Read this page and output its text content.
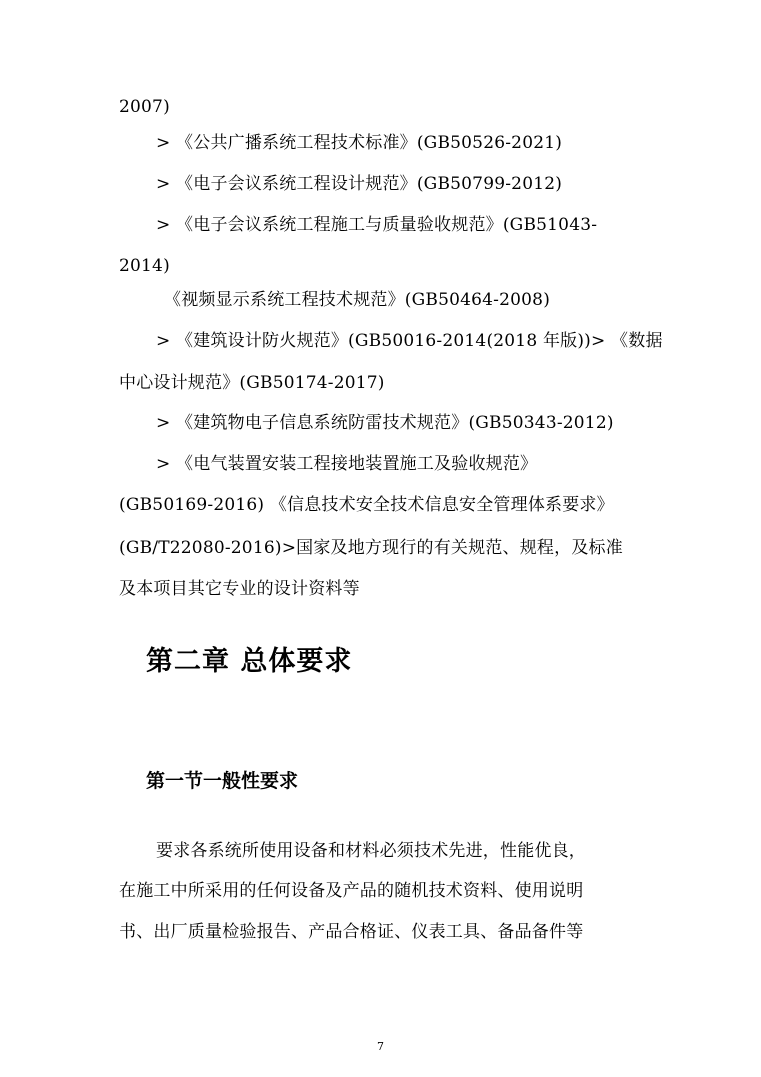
2007)
> 《公共广播系统工程技术标准》(GB50526-2021)
> 《电子会议系统工程设计规范》(GB50799-2012)
> 《电子会议系统工程施工与质量验收规范》(GB51043-
2014)
《视频显示系统工程技术规范》(GB50464-2008)
> 《建筑设计防火规范》(GB50016-2014(2018 年版))> 《数据
中心设计规范》(GB50174-2017)
> 《建筑物电子信息系统防雷技术规范》(GB50343-2012)
> 《电气装置安装工程接地装置施工及验收规范》
(GB50169-2016) 《信息技术安全技术信息安全管理体系要求》
(GB/T22080-2016)>国家及地方现行的有关规范、规程，及标准
及本项目其它专业的设计资料等
第二章 总体要求
第一节一般性要求
要求各系统所使用设备和材料必须技术先进，性能优良，
在施工中所采用的任何设备及产品的随机技术资料、使用说明
书、出厂质量检验报告、产品合格证、仪表工具、备品备件等
7
